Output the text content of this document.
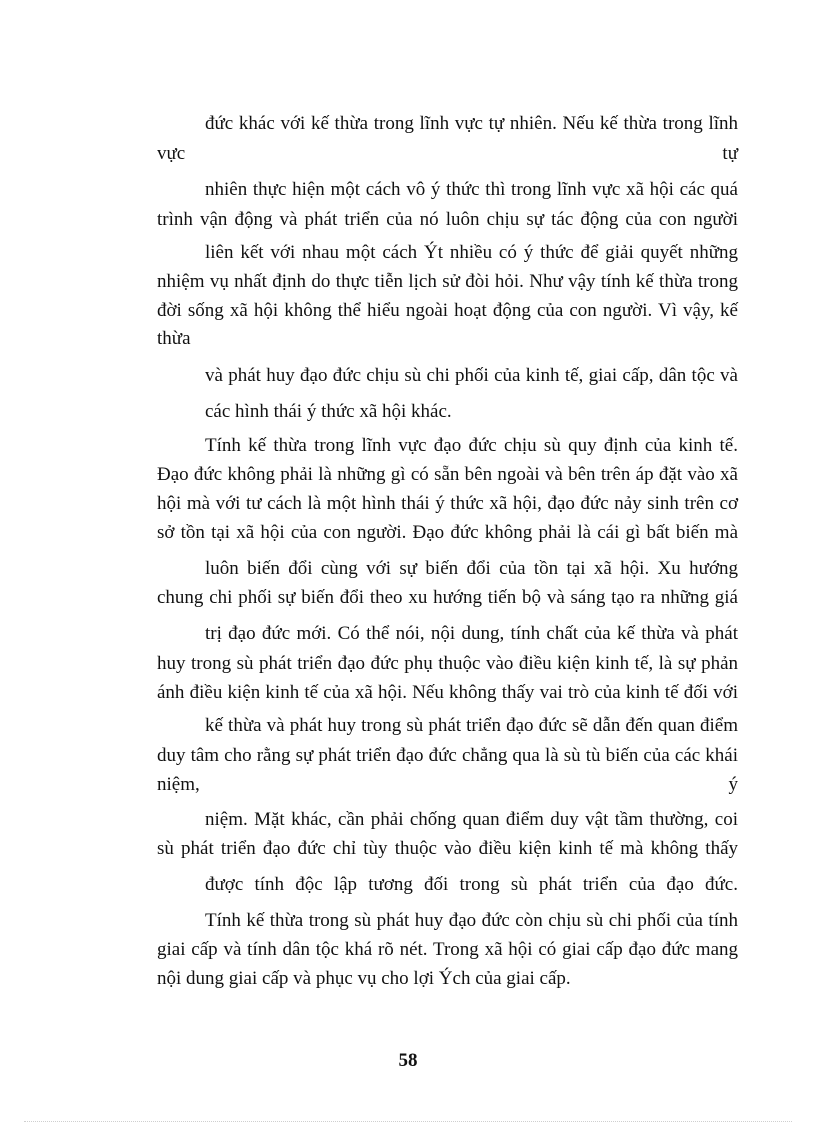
đức khác với kế thừa trong lĩnh vực tự nhiên. Nếu kế thừa trong lĩnh
vực	tự
nhiên thực hiện một cách vô ý thức thì trong lĩnh vực xã hội các quá
trình vận động và phát triển của nó luôn chịu sự tác động của con người
liên kết với nhau một cách Ýt nhiều có ý thức để giải quyết những
nhiệm vụ nhất định do thực tiễn lịch sử đòi hỏi. Như vậy tính kế thừa trong
đời sống xã hội không thể hiểu ngoài hoạt động của con người. Vì vậy, kế
thừa
và phát huy đạo đức chịu sù chi phối của kinh tế, giai cấp, dân tộc và
các hình thái ý thức xã hội khác.
Tính kế thừa trong lĩnh vực đạo đức chịu sù quy định của kinh tế.
Đạo đức không phải là những gì có sẵn bên ngoài và bên trên áp đặt vào xã
hội mà với tư cách là một hình thái ý thức xã hội, đạo đức nảy sinh trên cơ
sở tồn tại xã hội của con người. Đạo đức không phải là cái gì bất biến mà
luôn biến đổi cùng với sự biến đổi của tồn tại xã hội. Xu hướng
chung chi phối sự biến đổi theo xu hướng tiến bộ và sáng tạo ra những giá
trị đạo đức mới. Có thể nói, nội dung, tính chất của kế thừa và phát
huy trong sù phát triển đạo đức phụ thuộc vào điều kiện kinh tế, là sự phản
ánh điều kiện kinh tế của xã hội. Nếu không thấy vai trò của kinh tế đối với
kế thừa và phát huy trong sù phát triển đạo đức sẽ dẫn đến quan điểm
duy tâm cho rằng sự phát triển đạo đức chẳng qua là sù tù biến của các khái
niệm,	ý
niệm. Mặt khác, cần phải chống quan điểm duy vật tầm thường, coi
sù phát triển đạo đức chỉ tùy thuộc vào điều kiện kinh tế mà không thấy
được tính độc lập tương đối trong sù phát triển của đạo đức.
Tính kế thừa trong sù phát huy đạo đức còn chịu sù chi phối của tính
giai cấp và tính dân tộc khá rõ nét. Trong xã hội có giai cấp đạo đức mang
nội dung giai cấp và phục vụ cho lợi Ých của giai cấp.
58
